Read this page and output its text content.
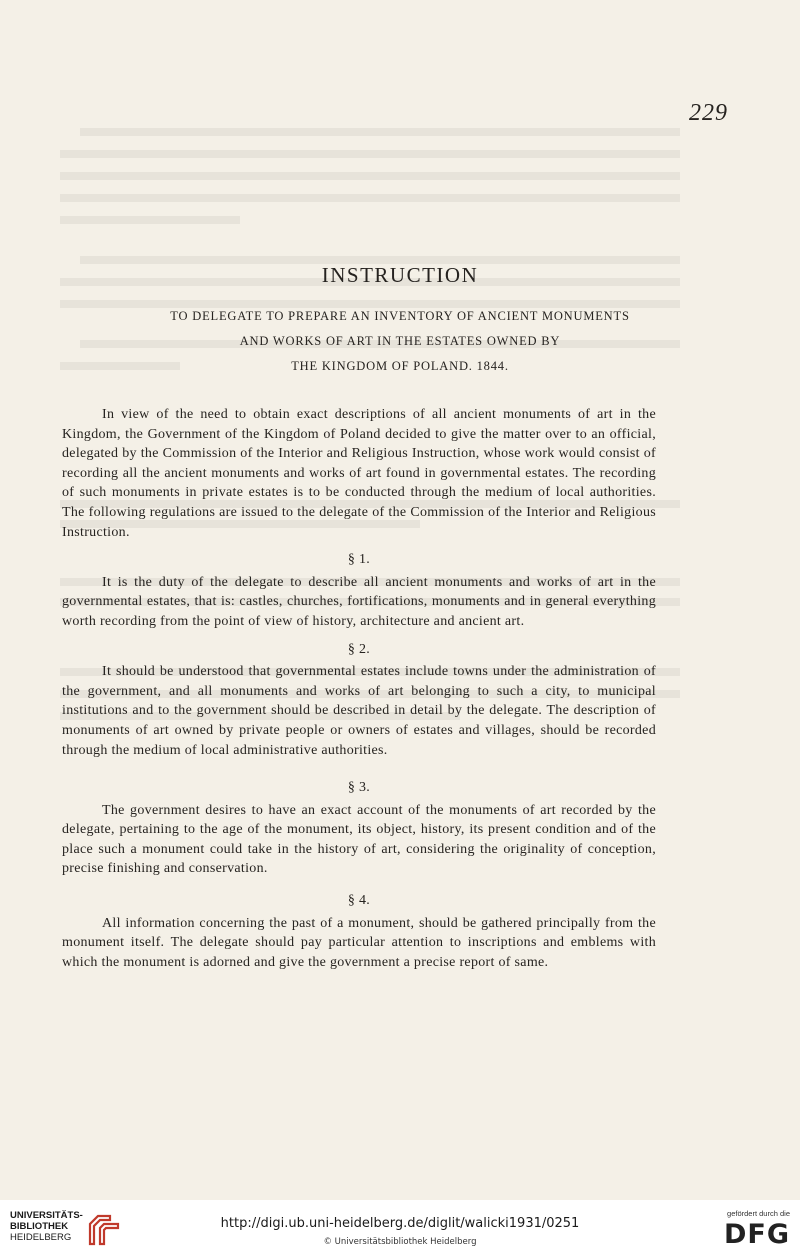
229
INSTRUCTION
TO DELEGATE TO PREPARE AN INVENTORY OF ANCIENT MONUMENTS
AND WORKS OF ART IN THE ESTATES OWNED BY
THE KINGDOM OF POLAND. 1844.

In view of the need to obtain exact descriptions of all ancient monuments of art in the Kingdom, the Government of the Kingdom of Poland decided to give the matter over to an official, delegated by the Commission of the Interior and Religious Instruction, whose work would consist of recording all the ancient monuments and works of art found in governmental estates. The recording of such monuments in private estates is to be conducted through the medium of local authorities. The following regulations are issued to the delegate of the Commission of the Interior and Religious Instruction.

§ 1.

It is the duty of the delegate to describe all ancient monuments and works of art in the governmental estates, that is: castles, churches, fortifications, monuments and in general everything worth recording from the point of view of history, architecture and ancient art.

§ 2.

It should be understood that governmental estates include towns under the administration of the government, and all monuments and works of art belonging to such a city, to municipal institutions and to the government should be described in detail by the delegate. The description of monuments of art owned by private people or owners of estates and villages, should be recorded through the medium of local administrative authorities.

§ 3.

The government desires to have an exact account of the monuments of art recorded by the delegate, pertaining to the age of the monument, its object, history, its present condition and of the place such a monument could take in the history of art, considering the originality of conception, precise finishing and conservation.

§ 4.

All information concerning the past of a monument, should be gathered principally from the monument itself. The delegate should pay particular attention to inscriptions and emblems with which the monument is adorned and give the government a precise report of same.

UNIVERSITÄTS-
BIBLIOTHEK
HEIDELBERG
http://digi.ub.uni-heidelberg.de/diglit/walicki1931/0251
© Universitätsbibliothek Heidelberg
gefördert durch die
DFG
